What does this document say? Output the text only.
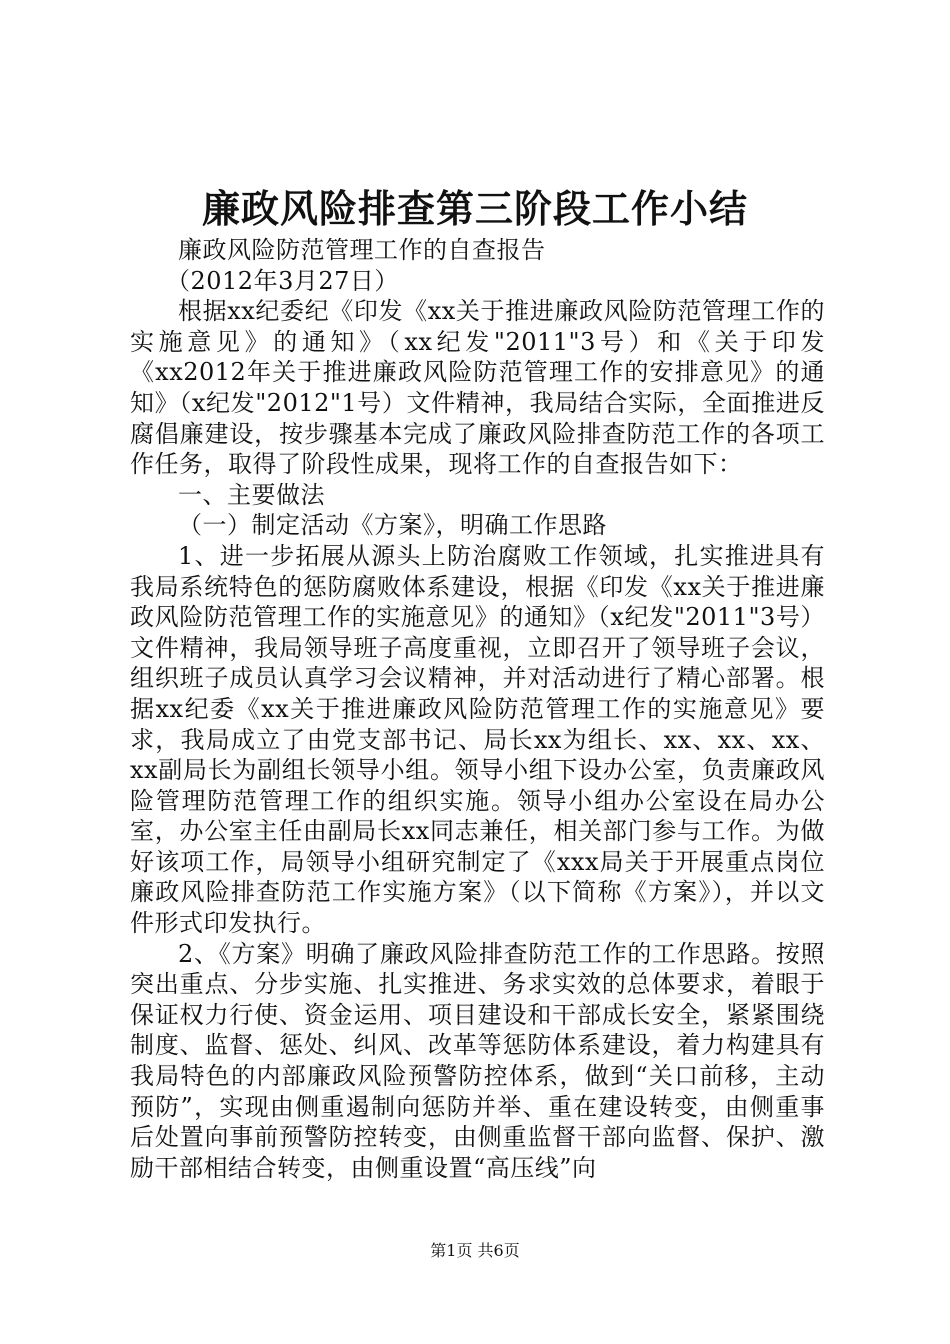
廉政风险排查第三阶段工作小结

廉政风险防范管理工作的自查报告

（2012年3月27日）

根据xx纪委纪《印发《xx关于推进廉政风险防范管理工作的实施意见》的通知》（xx纪发"2011"3号）和《关于印发《xx2012年关于推进廉政风险防范管理工作的安排意见》的通知》（x纪发"2012"1号）文件精神，我局结合实际，全面推进反腐倡廉建设，按步骤基本完成了廉政风险排查防范工作的各项工作任务，取得了阶段性成果，现将工作的自查报告如下：

一、主要做法

（一）制定活动《方案》，明确工作思路

1、进一步拓展从源头上防治腐败工作领域，扎实推进具有我局系统特色的惩防腐败体系建设，根据《印发《xx关于推进廉政风险防范管理工作的实施意见》的通知》（x纪发"2011"3号）文件精神，我局领导班子高度重视，立即召开了领导班子会议，组织班子成员认真学习会议精神，并对活动进行了精心部署。根据xx纪委《xx关于推进廉政风险防范管理工作的实施意见》要求，我局成立了由党支部书记、局长xx为组长、xx、xx、xx、xx副局长为副组长领导小组。领导小组下设办公室，负责廉政风险管理防范管理工作的组织实施。领导小组办公室设在局办公室，办公室主任由副局长xx同志兼任，相关部门参与工作。为做好该项工作，局领导小组研究制定了《xxx局关于开展重点岗位廉政风险排查防范工作实施方案》（以下简称《方案》），并以文件形式印发执行。

2、《方案》明确了廉政风险排查防范工作的工作思路。按照突出重点、分步实施、扎实推进、务求实效的总体要求，着眼于保证权力行使、资金运用、项目建设和干部成长安全，紧紧围绕制度、监督、惩处、纠风、改革等惩防体系建设，着力构建具有我局特色的内部廉政风险预警防控体系，做到“关口前移，主动预防”，实现由侧重遏制向惩防并举、重在建设转变，由侧重事后处置向事前预警防控转变，由侧重监督干部向监督、保护、激励干部相结合转变，由侧重设置“高压线”向

第1页 共6页
